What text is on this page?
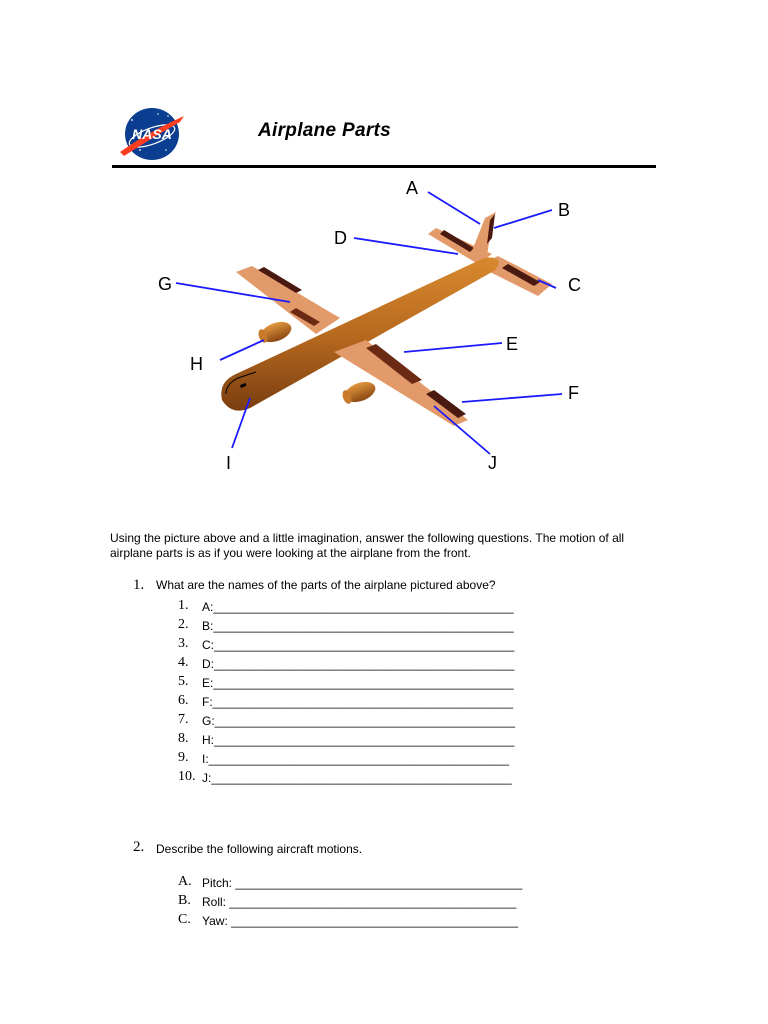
NASA	Airplane Parts
A
B
C
D
E
F
G
H
I	J
Using the picture above and a little imagination, answer the following questions. The motion of all airplane parts is as if you were looking at the airplane from the front.
1. What are the names of the parts of the airplane pictured above?
1. A:_____________________________________________
2. B:_____________________________________________
3. C:_____________________________________________
4. D:_____________________________________________
5. E:_____________________________________________
6. F:_____________________________________________
7. G:_____________________________________________
8. H:_____________________________________________
9. I:_____________________________________________
10. J:_____________________________________________
2. Describe the following aircraft motions.
A. Pitch: ___________________________________________
B. Roll: ___________________________________________
C. Yaw: ___________________________________________
